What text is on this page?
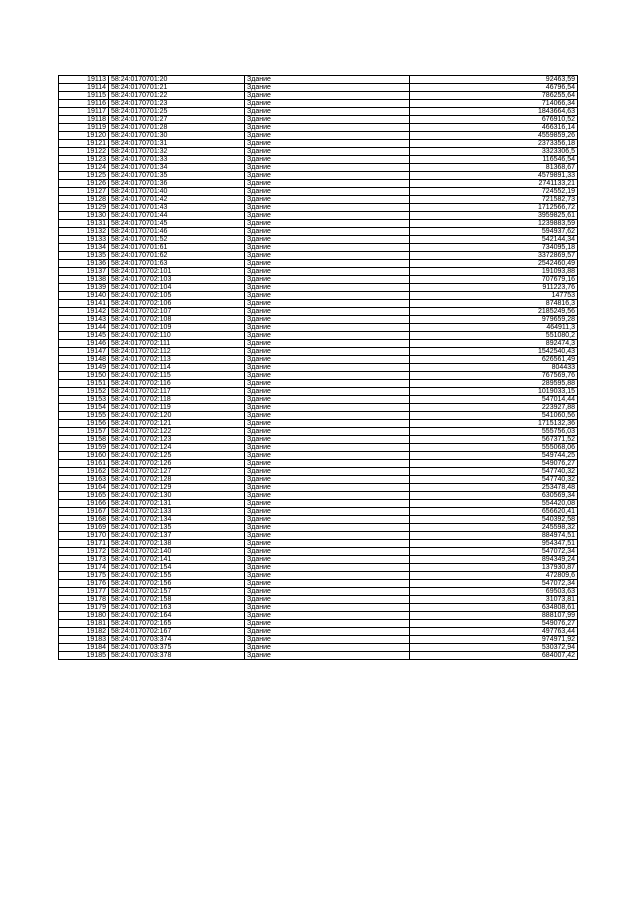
19113	58:24:0170701:20	Здание	92463,59
19114	58:24:0170701:21	Здание	46796,54
19115	58:24:0170701:22	Здание	786255,64
19116	58:24:0170701:23	Здание	714066,34
19117	58:24:0170701:25	Здание	1843664,63
19118	58:24:0170701:27	Здание	676910,52
19119	58:24:0170701:28	Здание	466316,14
19120	58:24:0170701:30	Здание	4559859,26
19121	58:24:0170701:31	Здание	2373356,18
19122	58:24:0170701:32	Здание	3323306,5
19123	58:24:0170701:33	Здание	116546,54
19124	58:24:0170701:34	Здание	81368,67
19125	58:24:0170701:35	Здание	4579891,33
19126	58:24:0170701:36	Здание	2741133,21
19127	58:24:0170701:40	Здание	724552,19
19128	58:24:0170701:42	Здание	721582,73
19129	58:24:0170701:43	Здание	1712566,72
19130	58:24:0170701:44	Здание	3959825,61
19131	58:24:0170701:45	Здание	1239883,59
19132	58:24:0170701:46	Здание	594937,62
19133	58:24:0170701:52	Здание	542144,34
19134	58:24:0170701:61	Здание	734095,18
19135	58:24:0170701:62	Здание	3372869,57
19136	58:24:0170701:63	Здание	2542460,49
19137	58:24:0170702:101	Здание	191093,88
19138	58:24:0170702:103	Здание	707679,16
19139	58:24:0170702:104	Здание	911223,76
19140	58:24:0170702:105	Здание	147753
19141	58:24:0170702:106	Здание	874816,3
19142	58:24:0170702:107	Здание	2185249,56
19143	58:24:0170702:108	Здание	979659,28
19144	58:24:0170702:109	Здание	464911,3
19145	58:24:0170702:110	Здание	551080,2
19146	58:24:0170702:111	Здание	892474,3
19147	58:24:0170702:112	Здание	1542540,43
19148	58:24:0170702:113	Здание	626561,49
19149	58:24:0170702:114	Здание	804433
19150	58:24:0170702:115	Здание	767569,76
19151	58:24:0170702:116	Здание	289595,88
19152	58:24:0170702:117	Здание	1019033,15
19153	58:24:0170702:118	Здание	547014,44
19154	58:24:0170702:119	Здание	223927,88
19155	58:24:0170702:120	Здание	541060,56
19156	58:24:0170702:121	Здание	1715132,36
19157	58:24:0170702:122	Здание	555756,03
19158	58:24:0170702:123	Здание	567371,52
19159	58:24:0170702:124	Здание	555068,06
19160	58:24:0170702:125	Здание	549744,25
19161	58:24:0170702:126	Здание	549076,27
19162	58:24:0170702:127	Здание	547740,32
19163	58:24:0170702:128	Здание	547740,32
19164	58:24:0170702:129	Здание	253478,48
19165	58:24:0170702:130	Здание	630569,34
19166	58:24:0170702:131	Здание	554420,08
19167	58:24:0170702:133	Здание	656620,41
19168	58:24:0170702:134	Здание	540392,58
19169	58:24:0170702:135	Здание	245598,32
19170	58:24:0170702:137	Здание	884974,51
19171	58:24:0170702:138	Здание	954347,51
19172	58:24:0170702:140	Здание	547072,34
19173	58:24:0170702:141	Здание	894349,24
19174	58:24:0170702:154	Здание	137930,87
19175	58:24:0170702:155	Здание	472809,6
19176	58:24:0170702:156	Здание	547072,34
19177	58:24:0170702:157	Здание	69503,63
19178	58:24:0170702:158	Здание	31073,81
19179	58:24:0170702:163	Здание	634808,61
19180	58:24:0170702:164	Здание	888107,99
19181	58:24:0170702:165	Здание	549076,27
19182	58:24:0170702:167	Здание	497763,44
19183	58:24:0170703:374	Здание	974971,92
19184	58:24:0170703:375	Здание	530372,94
19185	58:24:0170703:378	Здание	684007,42
